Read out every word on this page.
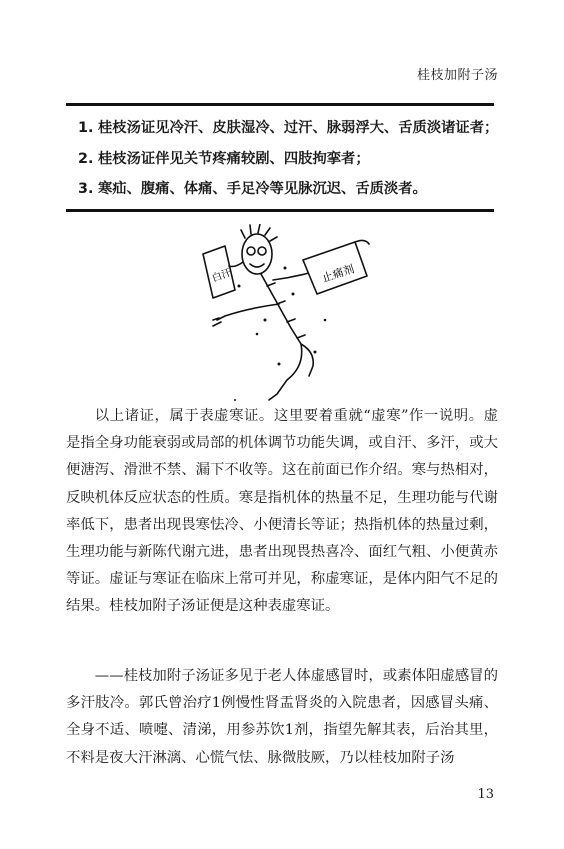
桂枝加附子汤
1. 桂枝汤证见冷汗、皮肤湿冷、过汗、脉弱浮大、舌质淡诸证者；
2. 桂枝汤证伴见关节疼痛较剧、四肢拘挛者；
3. 寒疝、腹痛、体痛、手足冷等见脉沉迟、舌质淡者。
白汗	止痛剂

以上诸证，属于表虚寒证。这里要着重就“虚寒”作一说明。虚是指全身功能衰弱或局部的机体调节功能失调，或自汗、多汗，或大便溏泻、滑泄不禁、漏下不收等。这在前面已作介绍。寒与热相对，反映机体反应状态的性质。寒是指机体的热量不足，生理功能与代谢率低下，患者出现畏寒怯冷、小便清长等证；热指机体的热量过剩，生理功能与新陈代谢亢进，患者出现畏热喜冷、面红气粗、小便黄赤等证。虚证与寒证在临床上常可并见，称虚寒证，是体内阳气不足的结果。桂枝加附子汤证便是这种表虚寒证。

——桂枝加附子汤证多见于老人体虚感冒时，或素体阳虚感冒的多汗肢冷。郭氏曾治疗1例慢性肾盂肾炎的入院患者，因感冒头痛、全身不适、喷嚏、清涕，用参苏饮1剂，指望先解其表，后治其里，不料是夜大汗淋漓、心慌气怯、脉微肢厥，乃以桂枝加附子汤

13
